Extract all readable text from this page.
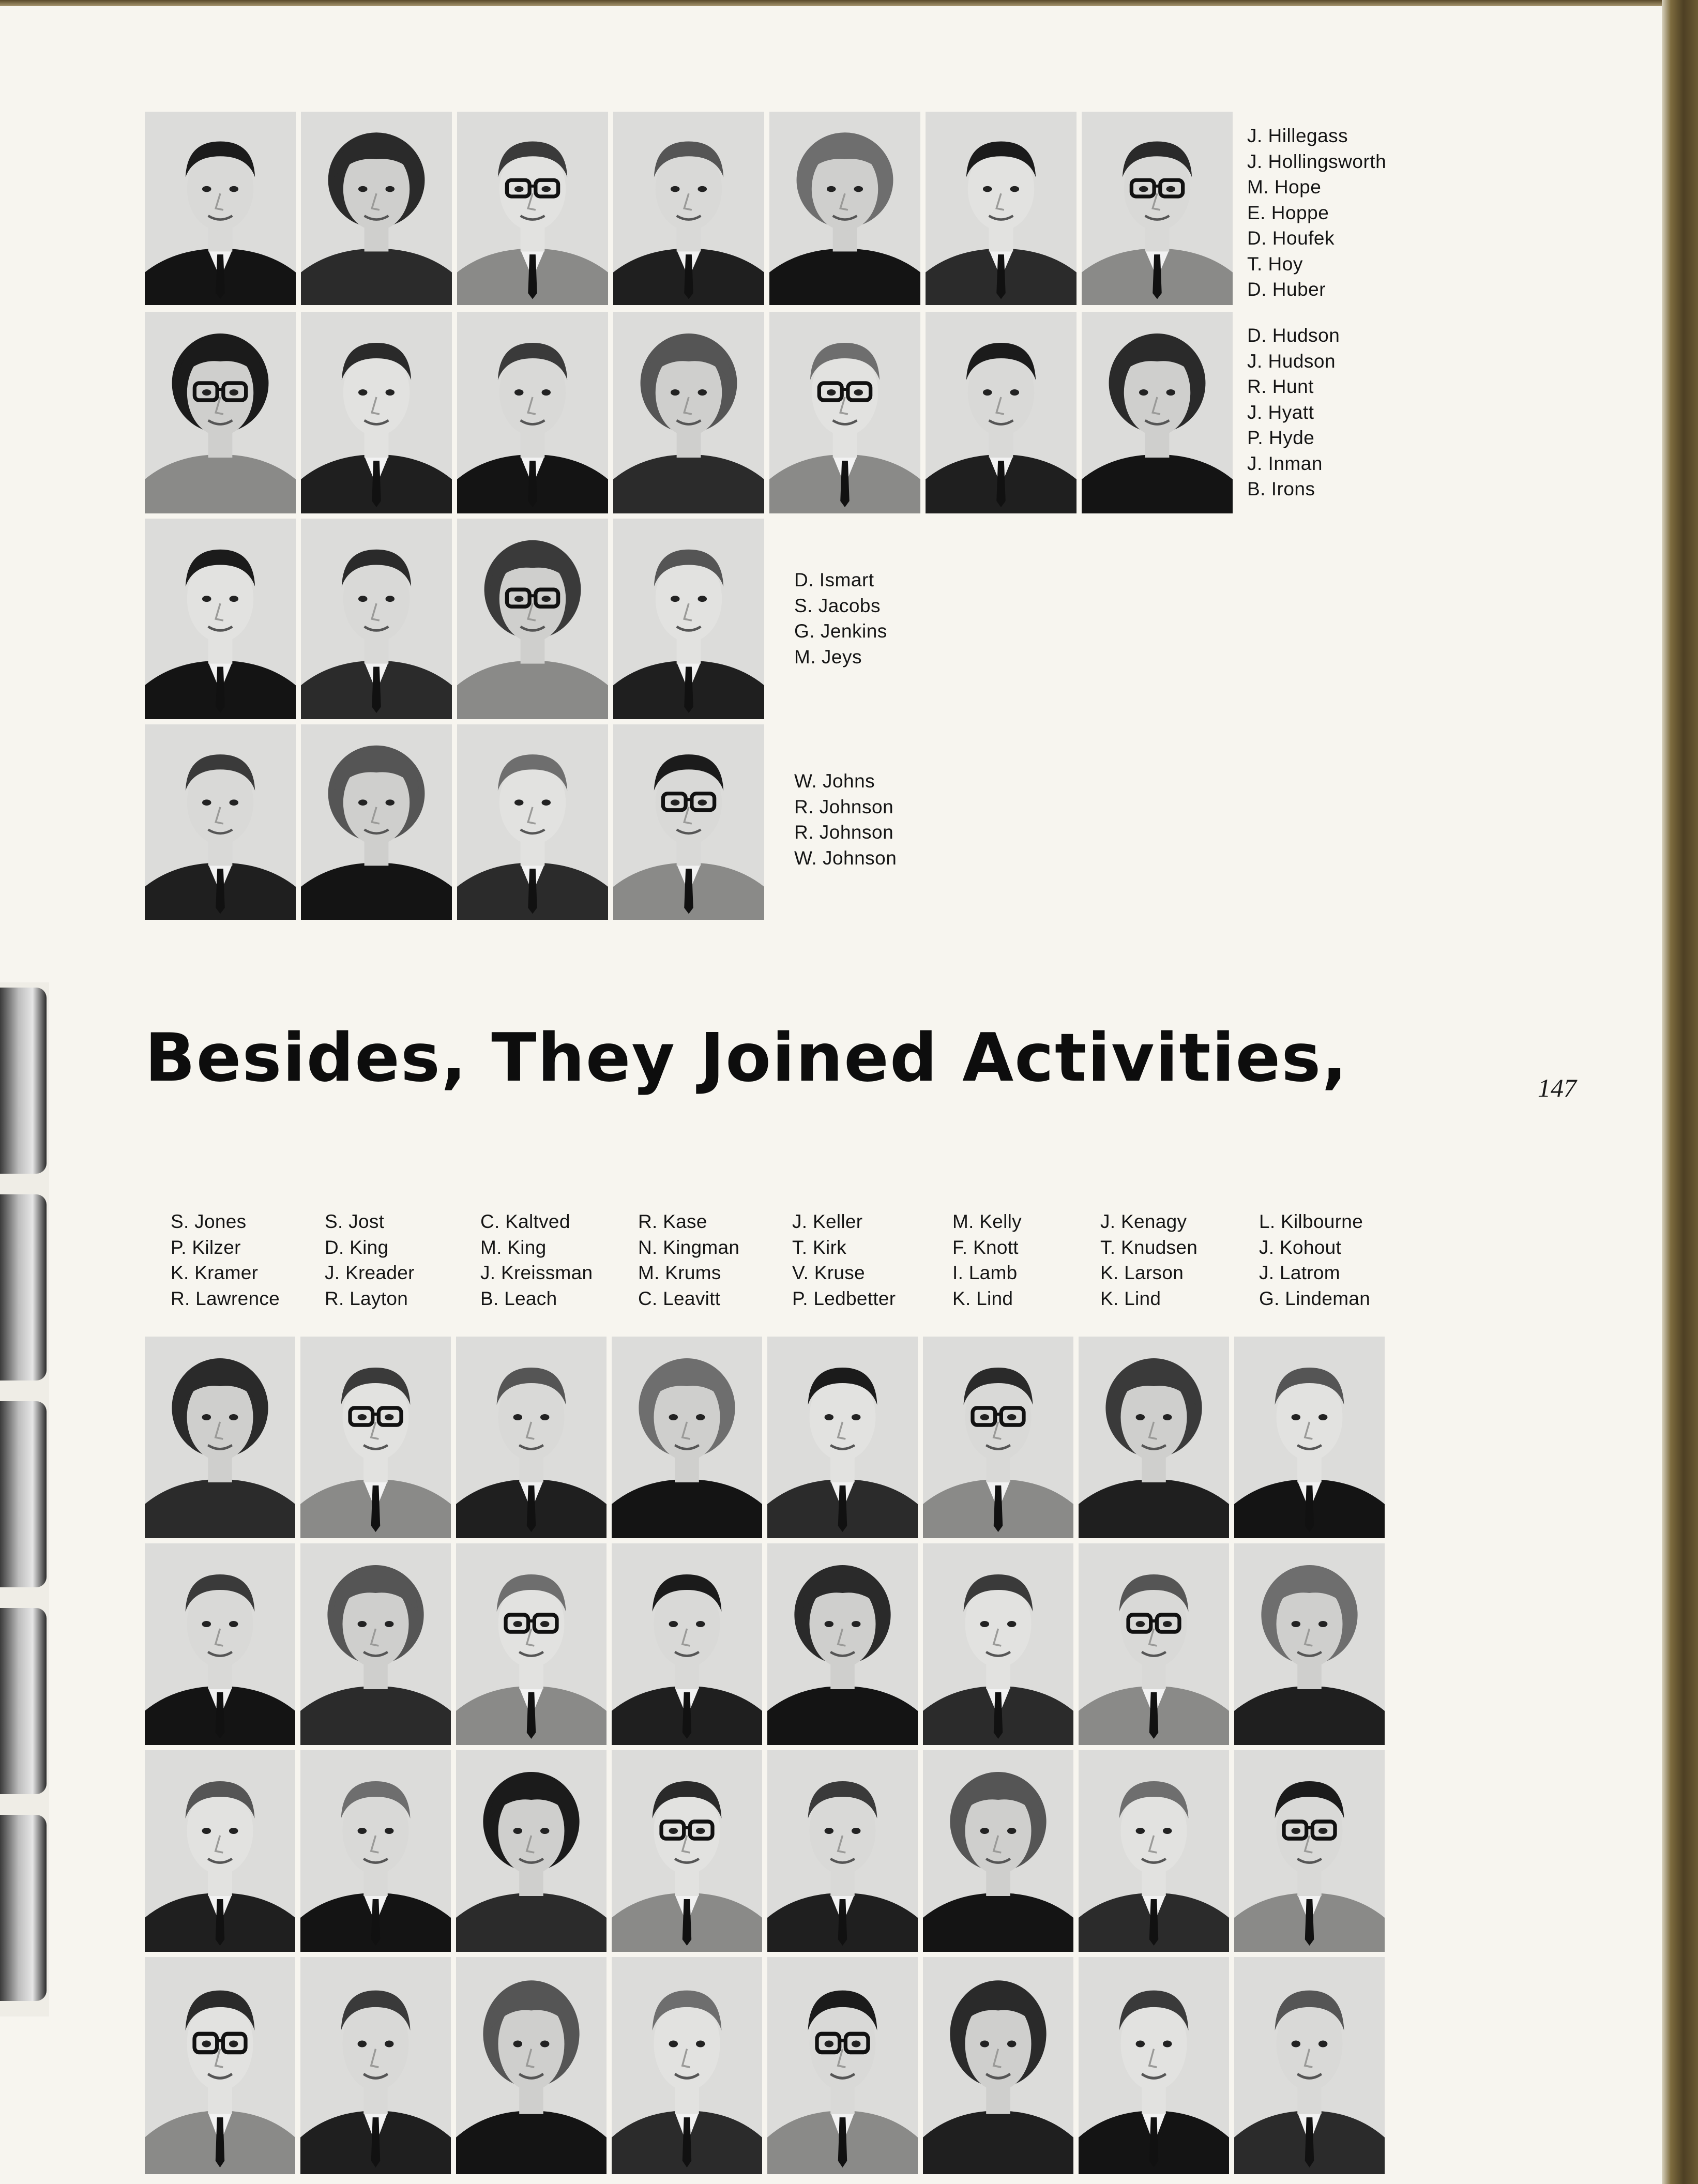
J. Hillegass
J. Hollingsworth
M. Hope
E. Hoppe
D. Houfek
T. Hoy
D. Huber
D. Hudson
J. Hudson
R. Hunt
J. Hyatt
P. Hyde
J. Inman
B. Irons
D. Ismart
S. Jacobs
G. Jenkins
M. Jeys
W. Johns
R. Johnson
R. Johnson
W. Johnson
Besides, They Joined Activities,	147
S. Jones
P. Kilzer
K. Kramer
R. Lawrence
S. Jost
D. King
J. Kreader
R. Layton
C. Kaltved
M. King
J. Kreissman
B. Leach
R. Kase
N. Kingman
M. Krums
C. Leavitt
J. Keller
T. Kirk
V. Kruse
P. Ledbetter
M. Kelly
F. Knott
I. Lamb
K. Lind
J. Kenagy
T. Knudsen
K. Larson
K. Lind
L. Kilbourne
J. Kohout
J. Latrom
G. Lindeman
